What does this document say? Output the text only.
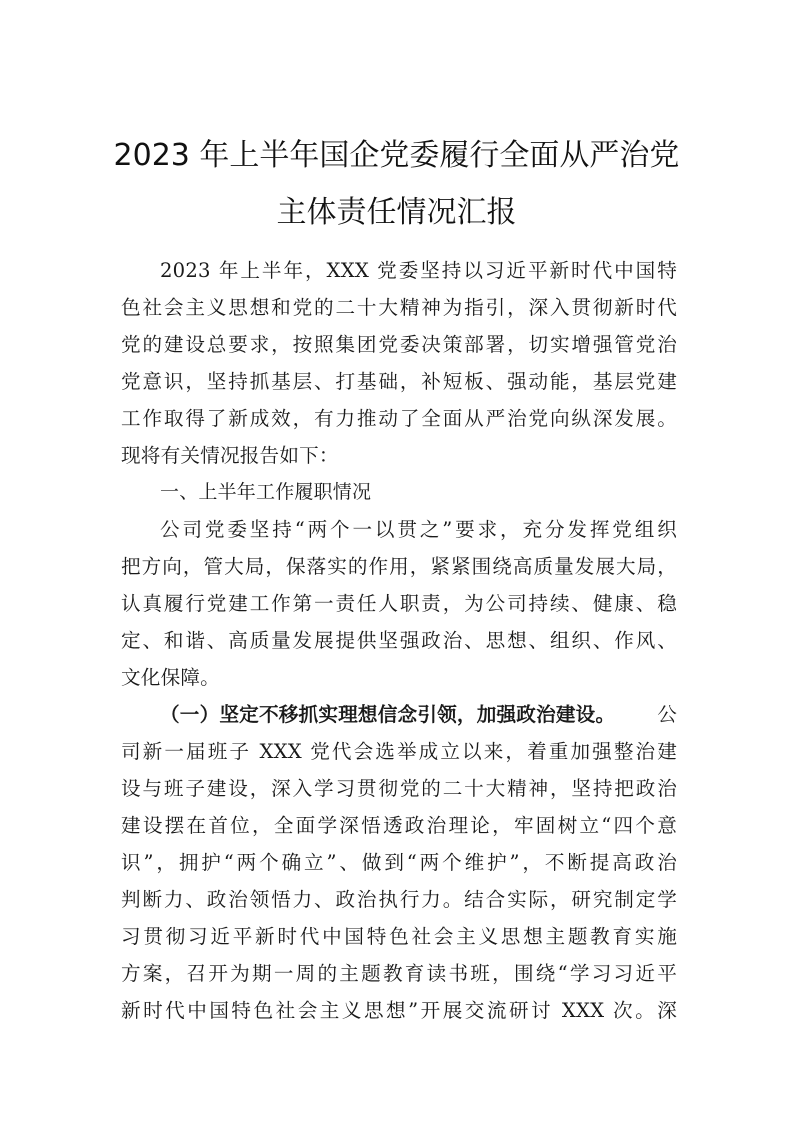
2023 年上半年国企党委履行全面从严治党
主体责任情况汇报
2023 年上半年，XXX 党委坚持以习近平新时代中国特
色社会主义思想和党的二十大精神为指引，深入贯彻新时代
党的建设总要求，按照集团党委决策部署，切实增强管党治
党意识，坚持抓基层、打基础，补短板、强动能，基层党建
工作取得了新成效，有力推动了全面从严治党向纵深发展。
现将有关情况报告如下：
一、上半年工作履职情况
公司党委坚持“两个一以贯之”要求，充分发挥党组织
把方向，管大局，保落实的作用，紧紧围绕高质量发展大局，
认真履行党建工作第一责任人职责，为公司持续、健康、稳
定、和谐、高质量发展提供坚强政治、思想、组织、作风、
文化保障。
（一）坚定不移抓实理想信念引领，加强政治建设。 公
司新一届班子 XXX 党代会选举成立以来，着重加强整治建
设与班子建设，深入学习贯彻党的二十大精神，坚持把政治
建设摆在首位，全面学深悟透政治理论，牢固树立“四个意
识”，拥护“两个确立”、做到“两个维护”，不断提高政治
判断力、政治领悟力、政治执行力。结合实际，研究制定学
习贯彻习近平新时代中国特色社会主义思想主题教育实施
方案，召开为期一周的主题教育读书班，围绕“学习习近平
新时代中国特色社会主义思想”开展交流研讨 XXX 次。深
